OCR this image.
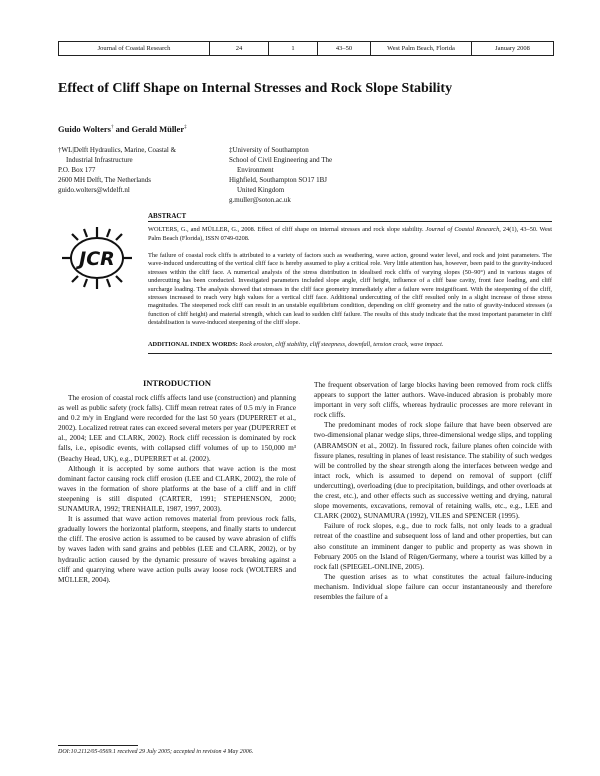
Journal of Coastal Research	24	1	43–50	West Palm Beach, Florida	January 2008
Effect of Cliff Shape on Internal Stresses and Rock Slope Stability
Guido Wolters† and Gerald Müller‡
†WL|Delft Hydraulics, Marine, Coastal &
Industrial Infrastructure
P.O. Box 177
2600 MH Delft, The Netherlands
guido.wolters@wldelft.nl
‡University of Southampton
School of Civil Engineering and The
Environment
Highfield, Southampton SO17 1BJ
United Kingdom
g.muller@soton.ac.uk
ABSTRACT
JCR
WOLTERS, G., and MÜLLER, G., 2008. Effect of cliff shape on internal stresses and rock slope stability. Journal of Coastal Research, 24(1), 43–50. West Palm Beach (Florida), ISSN 0749-0208.
The failure of coastal rock cliffs is attributed to a variety of factors such as weathering, wave action, ground water level, and rock and joint parameters. The wave-induced undercutting of the vertical cliff face is hereby assumed to play a critical role. Very little attention has, however, been paid to the gravity-induced stresses within the cliff face. A numerical analysis of the stress distribution in idealised rock cliffs of varying slopes (50–90°) and in various stages of undercutting has been conducted. Investigated parameters included slope angle, cliff height, influence of a cliff base cavity, front face loading, and cliff surcharge loading. The analysis showed that stresses in the cliff face geometry immediately after a failure were insignificant. With the steepening of the cliff, stresses increased to reach very high values for a vertical cliff face. Additional undercutting of the cliff resulted only in a slight increase of those stress magnitudes. The steepened rock cliff can result in an unstable equilibrium condition, depending on cliff geometry and the ratio of gravity-induced stresses (a function of cliff height) and material strength, which can lead to sudden cliff failure. The results of this study indicate that the most important parameter in cliff destabilisation is wave-induced steepening of the cliff slope.
ADDITIONAL INDEX WORDS: Rock erosion, cliff stability, cliff steepness, downfall, tension crack, wave impact.
INTRODUCTION

The erosion of coastal rock cliffs affects land use (construction) and planning as well as public safety (rock falls). Cliff mean retreat rates of 0.5 m/y in France and 0.2 m/y in England were recorded for the last 50 years (DUPERRET et al., 2002). Localized retreat rates can exceed several meters per year (DUPERRET et al., 2004; LEE and CLARK, 2002). Rock cliff recession is dominated by rock falls, i.e., episodic events, with collapsed cliff volumes of up to 150,000 m³ (Beachy Head, UK), e.g., DUPERRET et al. (2002).

Although it is accepted by some authors that wave action is the most dominant factor causing rock cliff erosion (LEE and CLARK, 2002), the role of waves in the formation of shore platforms at the base of a cliff and in cliff steepening is still disputed (CARTER, 1991; STEPHENSON, 2000; SUNAMURA, 1992; TRENHAILE, 1987, 1997, 2003).

It is assumed that wave action removes material from previous rock falls, gradually lowers the horizontal platform, steepens, and finally starts to undercut the cliff. The erosive action is assumed to be caused by wave abrasion of cliffs by waves laden with sand grains and pebbles (LEE and CLARK, 2002), or by hydraulic action caused by the dynamic pressure of waves breaking against a cliff and quarrying where wave action pulls away loose rock (WOLTERS and MÜLLER, 2004).

DOI:10.2112/05-0569.1 received 29 July 2005; accepted in revision 4 May 2006.

The frequent observation of large blocks having been removed from rock cliffs appears to support the latter authors. Wave-induced abrasion is probably more important in very soft cliffs, whereas hydraulic processes are more relevant in rock cliffs.

The predominant modes of rock slope failure that have been observed are two-dimensional planar wedge slips, three-dimensional wedge slips, and toppling (ABRAMSON et al., 2002). In fissured rock, failure planes often coincide with fissure planes, resulting in planes of least resistance. The stability of such wedges will be controlled by the shear strength along the interfaces between wedge and intact rock, which is assumed to depend on removal of support (cliff undercutting), overloading (due to precipitation, buildings, and other overloads at the crest, etc.), and other effects such as successive wetting and drying, natural slope movements, excavations, removal of retaining walls, etc., e.g., LEE and CLARK (2002), SUNAMURA (1992), VILES and SPENCER (1995).

Failure of rock slopes, e.g., due to rock falls, not only leads to a gradual retreat of the coastline and subsequent loss of land and other properties, but can also constitute an imminent danger to public and property as was shown in February 2005 on the Island of Rügen/Germany, where a tourist was killed by a rock fall (SPIEGEL-ONLINE, 2005).

The question arises as to what constitutes the actual failure-inducing mechanism. Individual slope failure can occur instantaneously and therefore resembles the failure of a
